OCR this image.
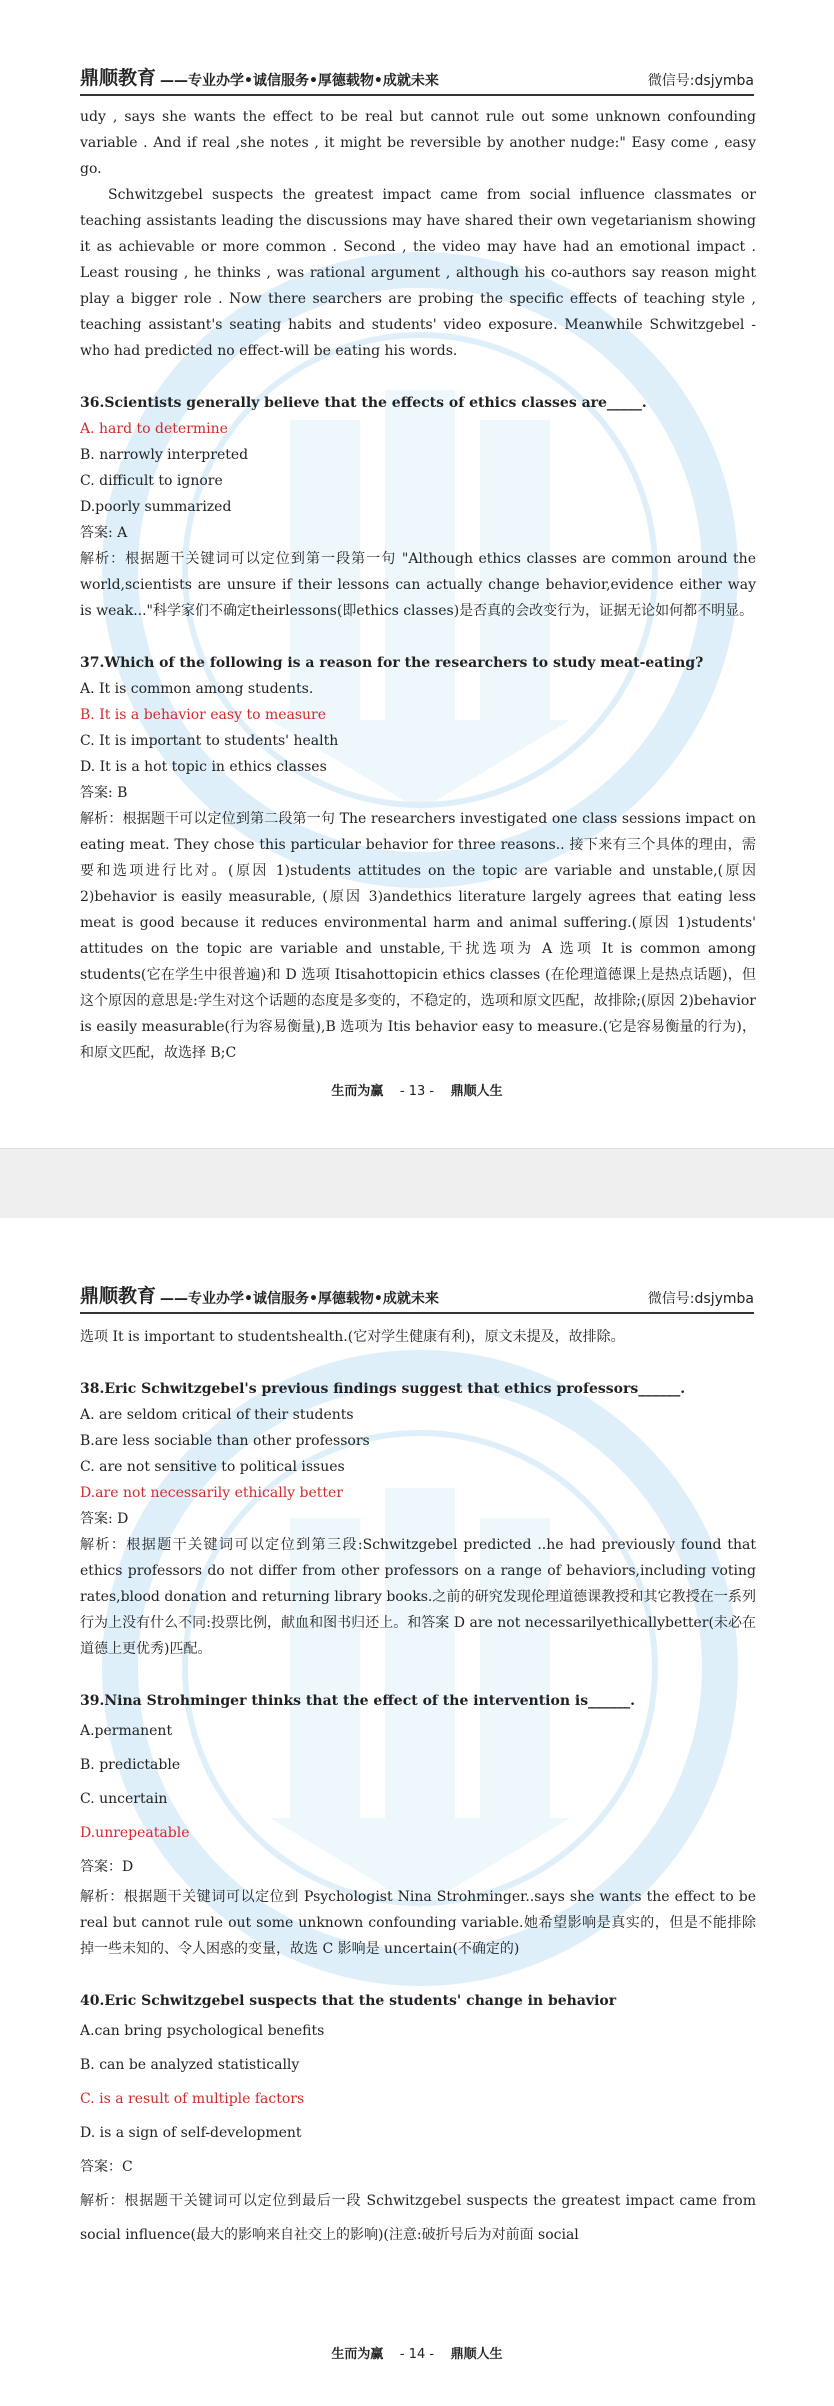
鼎顺教育 ——专业办学•诚信服务•厚德载物•成就未来	微信号:dsjymba

udy , says she wants the effect to be real but cannot rule out some unknown confounding variable . And if real ,she notes , it might be reversible by another nudge:" Easy come , easy go.

Schwitzgebel suspects the greatest impact came from social influence classmates or teaching assistants leading the discussions may have shared their own vegetarianism showing it as achievable or more common . Second , the video may have had an emotional impact . Least rousing , he thinks , was rational argument , although his co-authors say reason might play a bigger role . Now there searchers are probing the specific effects of teaching style , teaching assistant's seating habits and students' video exposure. Meanwhile Schwitzgebel - who had predicted no effect-will be eating his words.

36.Scientists generally believe that the effects of ethics classes are_____.

A. hard to determine

B. narrowly interpreted

C. difficult to ignore

D.poorly summarized

答案: A

解析：根据题干关键词可以定位到第一段第一句 "Although ethics classes are common around the world,scientists are unsure if their lessons can actually change behavior,evidence either way is weak..."科学家们不确定theirlessons(即ethics classes)是否真的会改变行为，证据无论如何都不明显。

37.Which of the following is a reason for the researchers to study meat-eating?

A. It is common among students.

B. It is a behavior easy to measure

C. It is important to students' health

D. It is a hot topic in ethics classes

答案: B

解析：根据题干可以定位到第二段第一句 The researchers investigated one class sessions impact on eating meat. They chose this particular behavior for three reasons.. 接下来有三个具体的理由，需要和选项进行比对。(原因 1)students attitudes on the topic are variable and unstable,(原因 2)behavior is easily measurable, (原因 3)andethics literature largely agrees that eating less meat is good because it reduces environmental harm and animal suffering.(原因 1)students' attitudes on the topic are variable and unstable,干扰选项为 A 选项 It is common among students(它在学生中很普遍)和 D 选项 Itisahottopicin ethics classes (在伦理道德课上是热点话题)，但这个原因的意思是:学生对这个话题的态度是多变的，不稳定的，选项和原文匹配，故排除;(原因 2)behavior is easily measurable(行为容易衡量),B 选项为 Itis behavior easy to measure.(它是容易衡量的行为)，和原文匹配，故选择 B;C

生而为赢 - 13 - 鼎顺人生
鼎顺教育 ——专业办学•诚信服务•厚德载物•成就未来	微信号:dsjymba

选项 It is important to studentshealth.(它对学生健康有利)，原文未提及，故排除。

38.Eric Schwitzgebel's previous findings suggest that ethics professors______.

A. are seldom critical of their students

B.are less sociable than other professors

C. are not sensitive to political issues

D.are not necessarily ethically better

答案: D

解析：根据题干关键词可以定位到第三段:Schwitzgebel predicted ..he had previously found that ethics professors do not differ from other professors on a range of behaviors,including voting rates,blood donation and returning library books.之前的研究发现伦理道德课教授和其它教授在一系列行为上没有什么不同:投票比例，献血和图书归还上。和答案 D are not necessarilyethicallybetter(未必在道德上更优秀)匹配。

39.Nina Strohminger thinks that the effect of the intervention is______.

A.permanent

B. predictable

C. uncertain

D.unrepeatable

答案：D

解析：根据题干关键词可以定位到 Psychologist Nina Strohminger..says she wants the effect to be real but cannot rule out some unknown confounding variable.她希望影响是真实的，但是不能排除掉一些未知的、令人困惑的变量，故选 C 影响是 uncertain(不确定的)

40.Eric Schwitzgebel suspects that the students' change in behavior

A.can bring psychological benefits

B. can be analyzed statistically

C. is a result of multiple factors

D. is a sign of self-development

答案：C

解析：根据题干关键词可以定位到最后一段 Schwitzgebel suspects the greatest impact came from social influence(最大的影响来自社交上的影响)(注意:破折号后为对前面 social

生而为赢 - 14 - 鼎顺人生
